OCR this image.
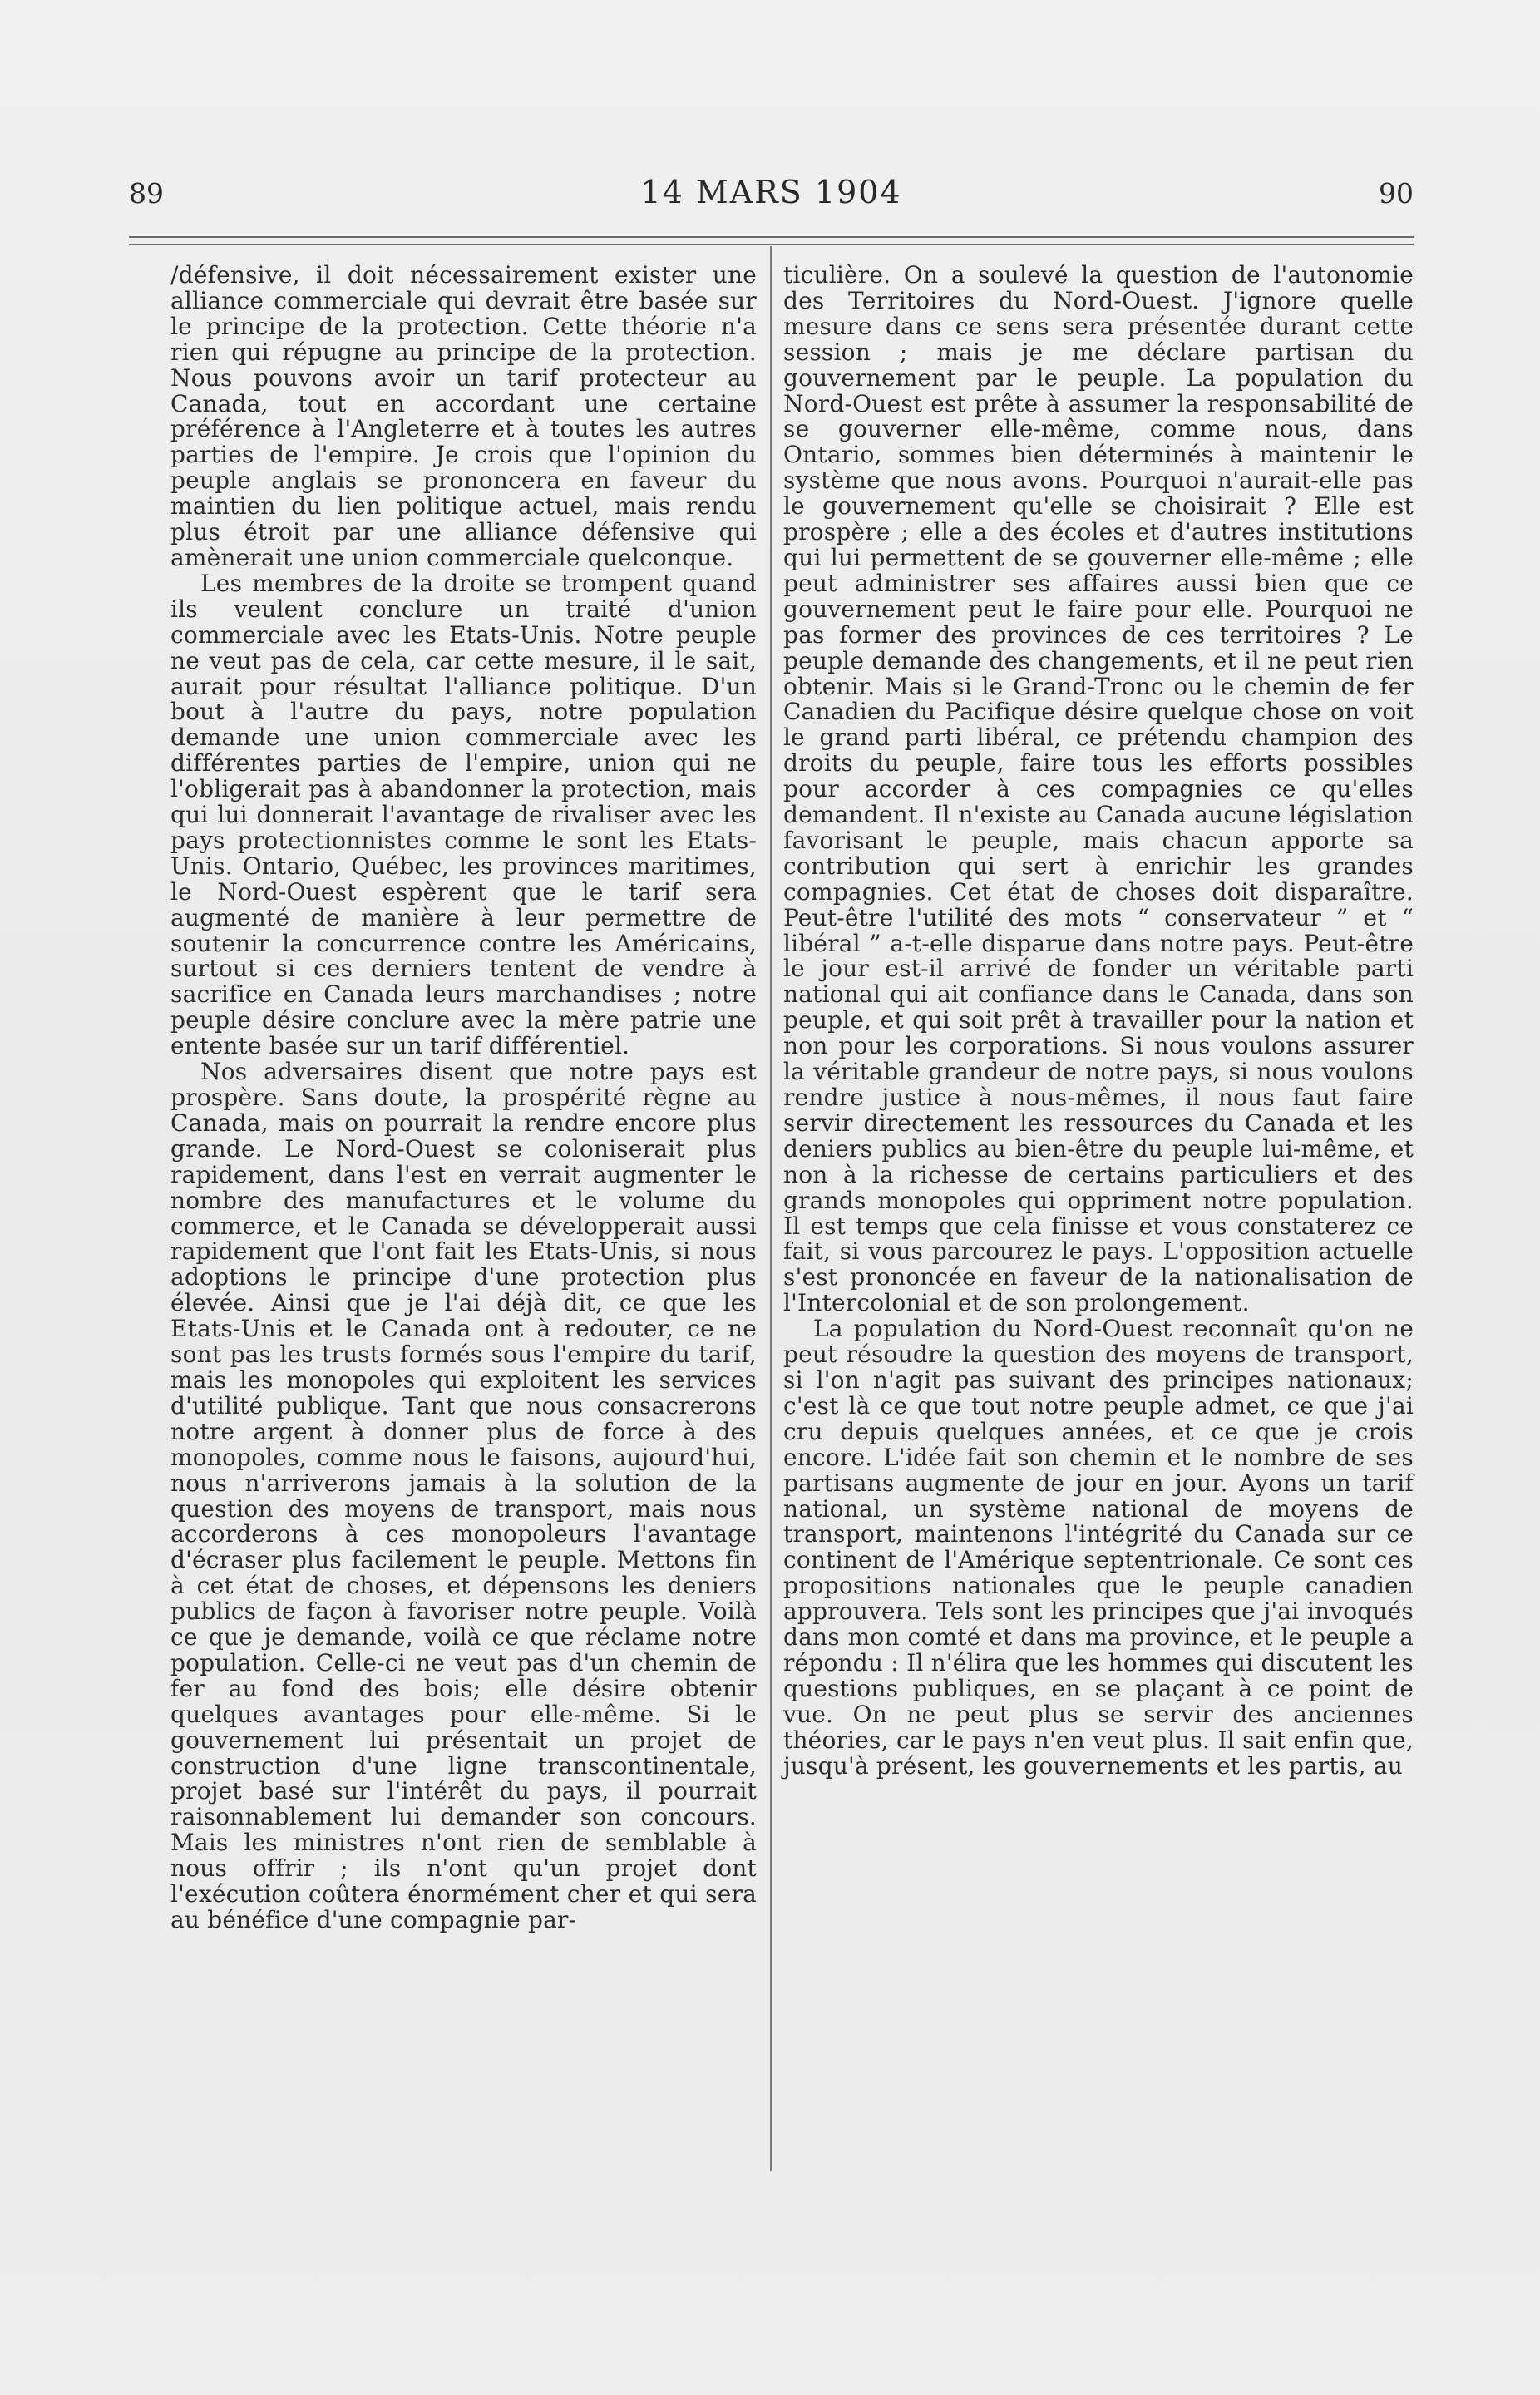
89	14 MARS 1904	90

/défensive, il doit nécessairement exister une alliance commerciale qui devrait être basée sur le principe de la protection. Cette théorie n'a rien qui répugne au principe de la protection. Nous pouvons avoir un tarif protecteur au Canada, tout en accordant une certaine préférence à l'Angleterre et à toutes les autres parties de l'empire. Je crois que l'opinion du peuple anglais se prononcera en faveur du maintien du lien politique actuel, mais rendu plus étroit par une alliance défensive qui amènerait une union commerciale quelconque.

Les membres de la droite se trompent quand ils veulent conclure un traité d'union commerciale avec les Etats-Unis. Notre peuple ne veut pas de cela, car cette mesure, il le sait, aurait pour résultat l'alliance politique. D'un bout à l'autre du pays, notre population demande une union commerciale avec les différentes parties de l'empire, union qui ne l'obligerait pas à abandonner la protection, mais qui lui donnerait l'avantage de rivaliser avec les pays protectionnistes comme le sont les Etats-Unis. Ontario, Québec, les provinces maritimes, le Nord-Ouest espèrent que le tarif sera augmenté de manière à leur permettre de soutenir la concurrence contre les Américains, surtout si ces derniers tentent de vendre à sacrifice en Canada leurs marchandises ; notre peuple désire conclure avec la mère patrie une entente basée sur un tarif différentiel.

Nos adversaires disent que notre pays est prospère. Sans doute, la prospérité règne au Canada, mais on pourrait la rendre encore plus grande. Le Nord-Ouest se coloniserait plus rapidement, dans l'est en verrait augmenter le nombre des manufactures et le volume du commerce, et le Canada se développerait aussi rapidement que l'ont fait les Etats-Unis, si nous adoptions le principe d'une protection plus élevée. Ainsi que je l'ai déjà dit, ce que les Etats-Unis et le Canada ont à redouter, ce ne sont pas les trusts formés sous l'empire du tarif, mais les monopoles qui exploitent les services d'utilité publique. Tant que nous consacrerons notre argent à donner plus de force à des monopoles, comme nous le faisons, aujourd'hui, nous n'arriverons jamais à la solution de la question des moyens de transport, mais nous accorderons à ces monopoleurs l'avantage d'écraser plus facilement le peuple. Mettons fin à cet état de choses, et dépensons les deniers publics de façon à favoriser notre peuple. Voilà ce que je demande, voilà ce que réclame notre population. Celle-ci ne veut pas d'un chemin de fer au fond des bois; elle désire obtenir quelques avantages pour elle-même. Si le gouvernement lui présentait un projet de construction d'une ligne transcontinentale, projet basé sur l'intérêt du pays, il pourrait raisonnablement lui demander son concours. Mais les ministres n'ont rien de semblable à nous offrir ; ils n'ont qu'un projet dont l'exécution coûtera énormément cher et qui sera au bénéfice d'une compagnie par-

ticulière. On a soulevé la question de l'autonomie des Territoires du Nord-Ouest. J'ignore quelle mesure dans ce sens sera présentée durant cette session ; mais je me déclare partisan du gouvernement par le peuple. La population du Nord-Ouest est prête à assumer la responsabilité de se gouverner elle-même, comme nous, dans Ontario, sommes bien déterminés à maintenir le système que nous avons. Pourquoi n'aurait-elle pas le gouvernement qu'elle se choisirait ? Elle est prospère ; elle a des écoles et d'autres institutions qui lui permettent de se gouverner elle-même ; elle peut administrer ses affaires aussi bien que ce gouvernement peut le faire pour elle. Pourquoi ne pas former des provinces de ces territoires ? Le peuple demande des changements, et il ne peut rien obtenir. Mais si le Grand-Tronc ou le chemin de fer Canadien du Pacifique désire quelque chose on voit le grand parti libéral, ce prétendu champion des droits du peuple, faire tous les efforts possibles pour accorder à ces compagnies ce qu'elles demandent. Il n'existe au Canada aucune législation favorisant le peuple, mais chacun apporte sa contribution qui sert à enrichir les grandes compagnies. Cet état de choses doit disparaître. Peut-être l'utilité des mots “ conservateur ” et “ libéral ” a-t-elle disparue dans notre pays. Peut-être le jour est-il arrivé de fonder un véritable parti national qui ait confiance dans le Canada, dans son peuple, et qui soit prêt à travailler pour la nation et non pour les corporations. Si nous voulons assurer la véritable grandeur de notre pays, si nous voulons rendre justice à nous-mêmes, il nous faut faire servir directement les ressources du Canada et les deniers publics au bien-être du peuple lui-même, et non à la richesse de certains particuliers et des grands monopoles qui oppriment notre population. Il est temps que cela finisse et vous constaterez ce fait, si vous parcourez le pays. L'opposition actuelle s'est prononcée en faveur de la nationalisation de l'Intercolonial et de son prolongement.

La population du Nord-Ouest reconnaît qu'on ne peut résoudre la question des moyens de transport, si l'on n'agit pas suivant des principes nationaux; c'est là ce que tout notre peuple admet, ce que j'ai cru depuis quelques années, et ce que je crois encore. L'idée fait son chemin et le nombre de ses partisans augmente de jour en jour. Ayons un tarif national, un système national de moyens de transport, maintenons l'intégrité du Canada sur ce continent de l'Amérique septentrionale. Ce sont ces propositions nationales que le peuple canadien approuvera. Tels sont les principes que j'ai invoqués dans mon comté et dans ma province, et le peuple a répondu : Il n'élira que les hommes qui discutent les questions publiques, en se plaçant à ce point de vue. On ne peut plus se servir des anciennes théories, car le pays n'en veut plus. Il sait enfin que, jusqu'à présent, les gouvernements et les partis, au
